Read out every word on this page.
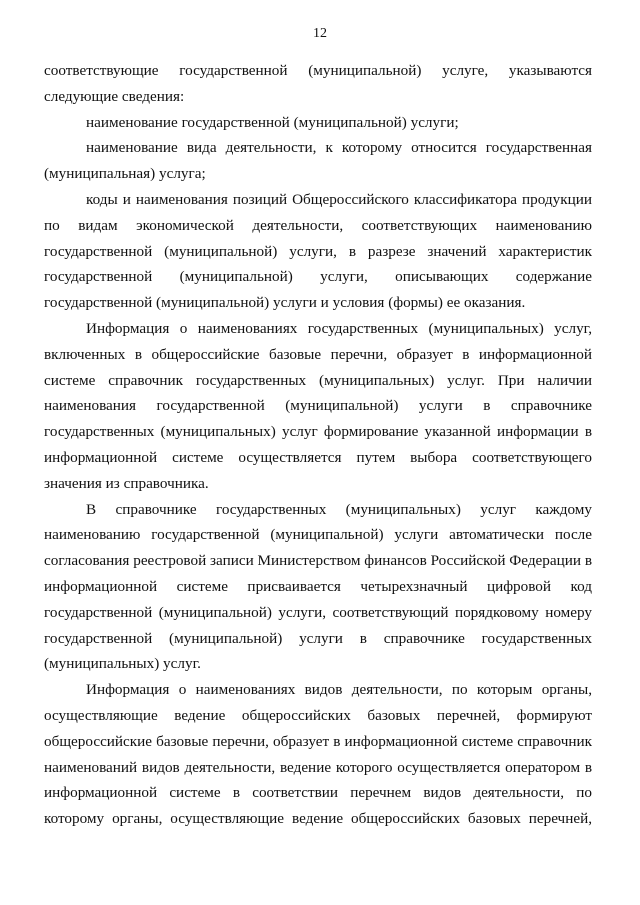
12
соответствующие государственной (муниципальной) услуге, указываются
следующие сведения:
наименование государственной (муниципальной) услуги;
наименование вида деятельности, к которому относится государственная
(муниципальная) услуга;
коды и наименования позиций Общероссийского классификатора продукции
по видам экономической деятельности, соответствующих наименованию
государственной (муниципальной) услуги, в разрезе значений характеристик
государственной (муниципальной) услуги, описывающих содержание
государственной (муниципальной) услуги и условия (формы) ее оказания.
Информация о наименованиях государственных (муниципальных) услуг,
включенных в общероссийские базовые перечни, образует в информационной
системе справочник государственных (муниципальных) услуг. При наличии
наименования государственной (муниципальной) услуги в справочнике
государственных (муниципальных) услуг формирование указанной информации в
информационной системе осуществляется путем выбора соответствующего
значения из справочника.
В справочнике государственных (муниципальных) услуг каждому
наименованию государственной (муниципальной) услуги автоматически после
согласования реестровой записи Министерством финансов Российской Федерации в
информационной системе присваивается четырехзначный цифровой код
государственной (муниципальной) услуги, соответствующий порядковому номеру
государственной (муниципальной) услуги в справочнике государственных
(муниципальных) услуг.
Информация о наименованиях видов деятельности, по которым органы,
осуществляющие ведение общероссийских базовых перечней, формируют
общероссийские базовые перечни, образует в информационной системе справочник
наименований видов деятельности, ведение которого осуществляется оператором в
информационной системе в соответствии перечнем видов деятельности, по
которому органы, осуществляющие ведение общероссийских базовых перечней,
